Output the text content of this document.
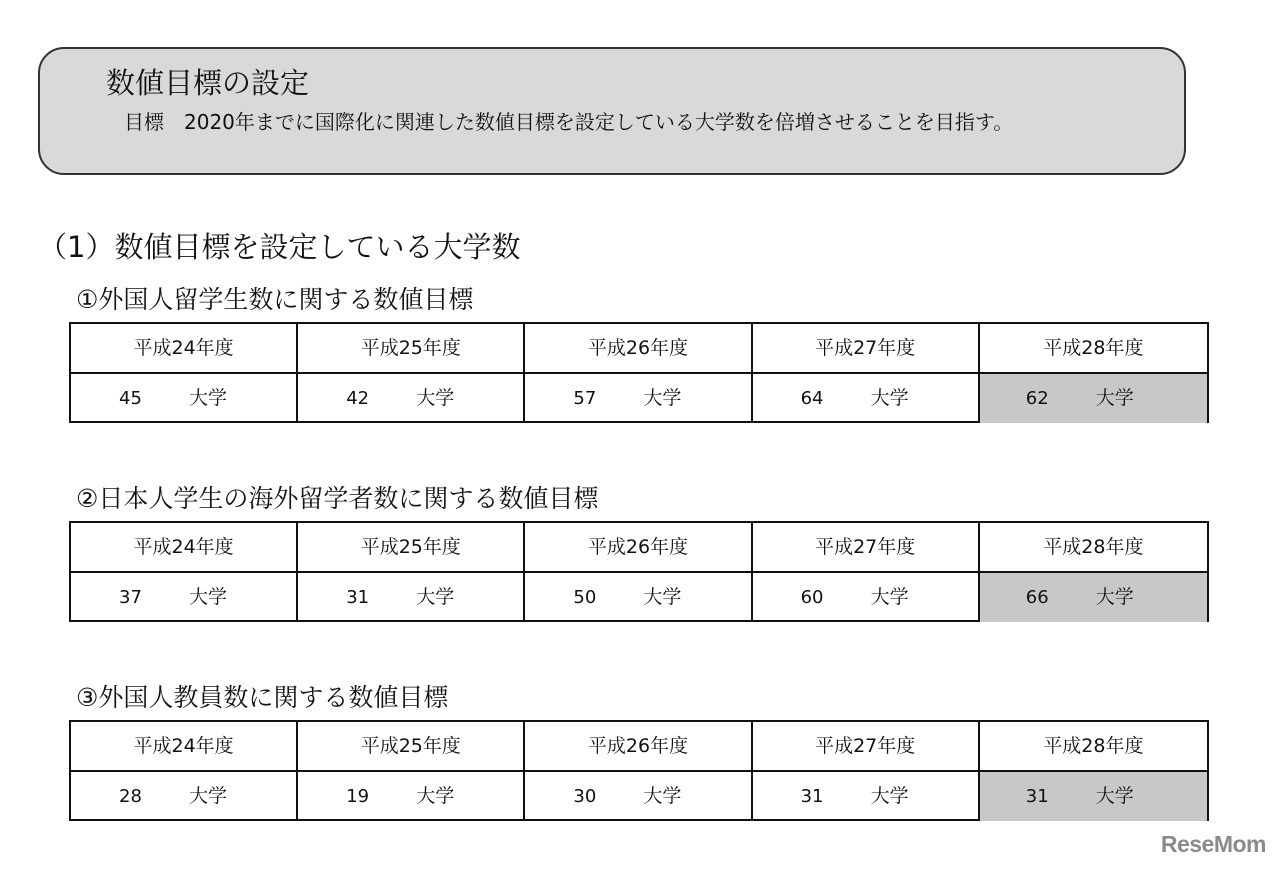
数値目標の設定
目標 2020年までに国際化に関連した数値目標を設定している大学数を倍増させることを目指す。
（1）数値目標を設定している大学数
①外国人留学生数に関する数値目標
平成24年度	平成25年度	平成26年度	平成27年度	平成28年度
45 大学	42 大学	57 大学	64 大学	62 大学
②日本人学生の海外留学者数に関する数値目標
平成24年度	平成25年度	平成26年度	平成27年度	平成28年度
37 大学	31 大学	50 大学	60 大学	66 大学
③外国人教員数に関する数値目標
平成24年度	平成25年度	平成26年度	平成27年度	平成28年度
28 大学	19 大学	30 大学	31 大学	31 大学
ReseMom
